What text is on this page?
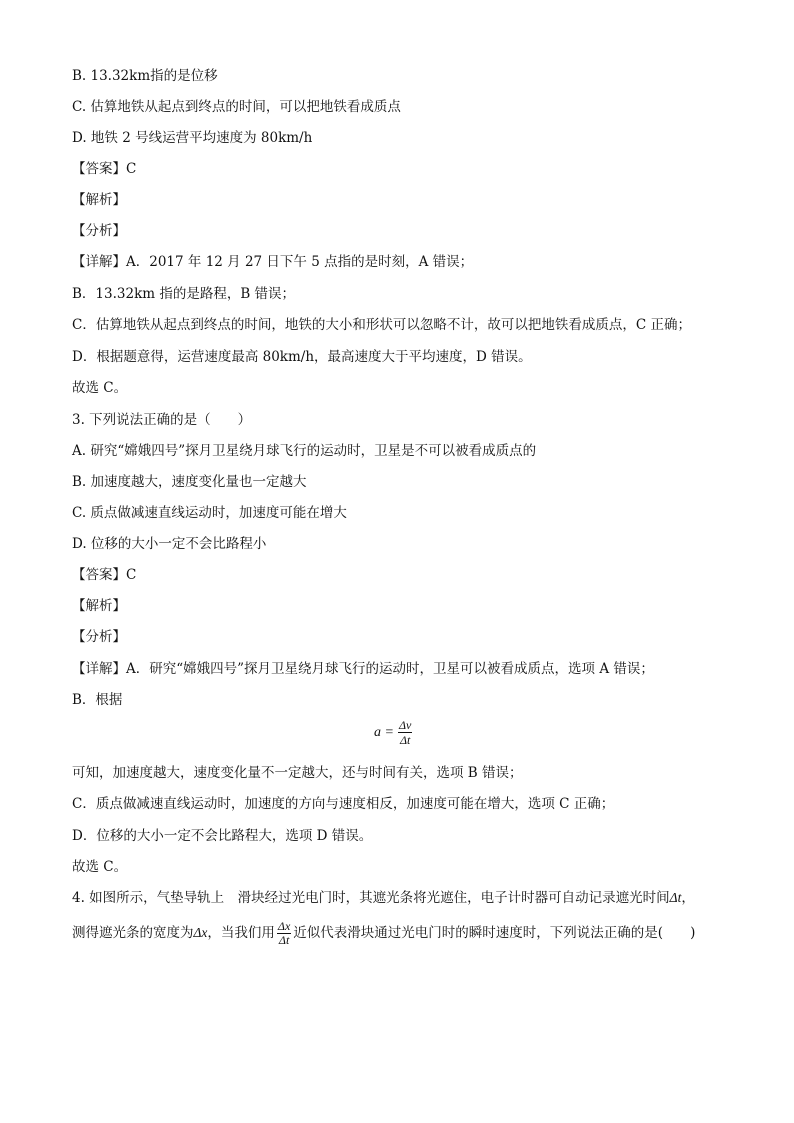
B. 13.32km指的是位移
C. 估算地铁从起点到终点的时间，可以把地铁看成质点
D. 地铁 2 号线运营平均速度为 80km/h
【答案】C
【解析】
【分析】
【详解】A．2017 年 12 月 27 日下午 5 点指的是时刻，A 错误；
B．13.32km 指的是路程，B 错误；
C．估算地铁从起点到终点的时间，地铁的大小和形状可以忽略不计，故可以把地铁看成质点，C 正确；
D．根据题意得，运营速度最高 80km/h，最高速度大于平均速度，D 错误。
故选 C。
3. 下列说法正确的是（　　）
A. 研究“嫦娥四号”探月卫星绕月球飞行的运动时，卫星是不可以被看成质点的
B. 加速度越大，速度变化量也一定越大
C. 质点做减速直线运动时，加速度可能在增大
D. 位移的大小一定不会比路程小
【答案】C
【解析】
【分析】
【详解】A．研究“嫦娥四号”探月卫星绕月球飞行的运动时，卫星可以被看成质点，选项 A 错误；
B．根据
$a = \frac{\Delta v}{\Delta t}$
可知，加速度越大，速度变化量不一定越大，还与时间有关，选项 B 错误；
C．质点做减速直线运动时，加速度的方向与速度相反，加速度可能在增大，选项 C 正确；
D．位移的大小一定不会比路程大，选项 D 错误。
故选 C。
4. 如图所示，气垫导轨上　滑块经过光电门时，其遮光条将光遮住，电子计时器可自动记录遮光时间Δt，
测得遮光条的宽度为Δx，当我们用 $\frac{\Delta x}{\Delta t}$ 近似代表滑块通过光电门时的瞬时速度时，下列说法正确的是(　　)
